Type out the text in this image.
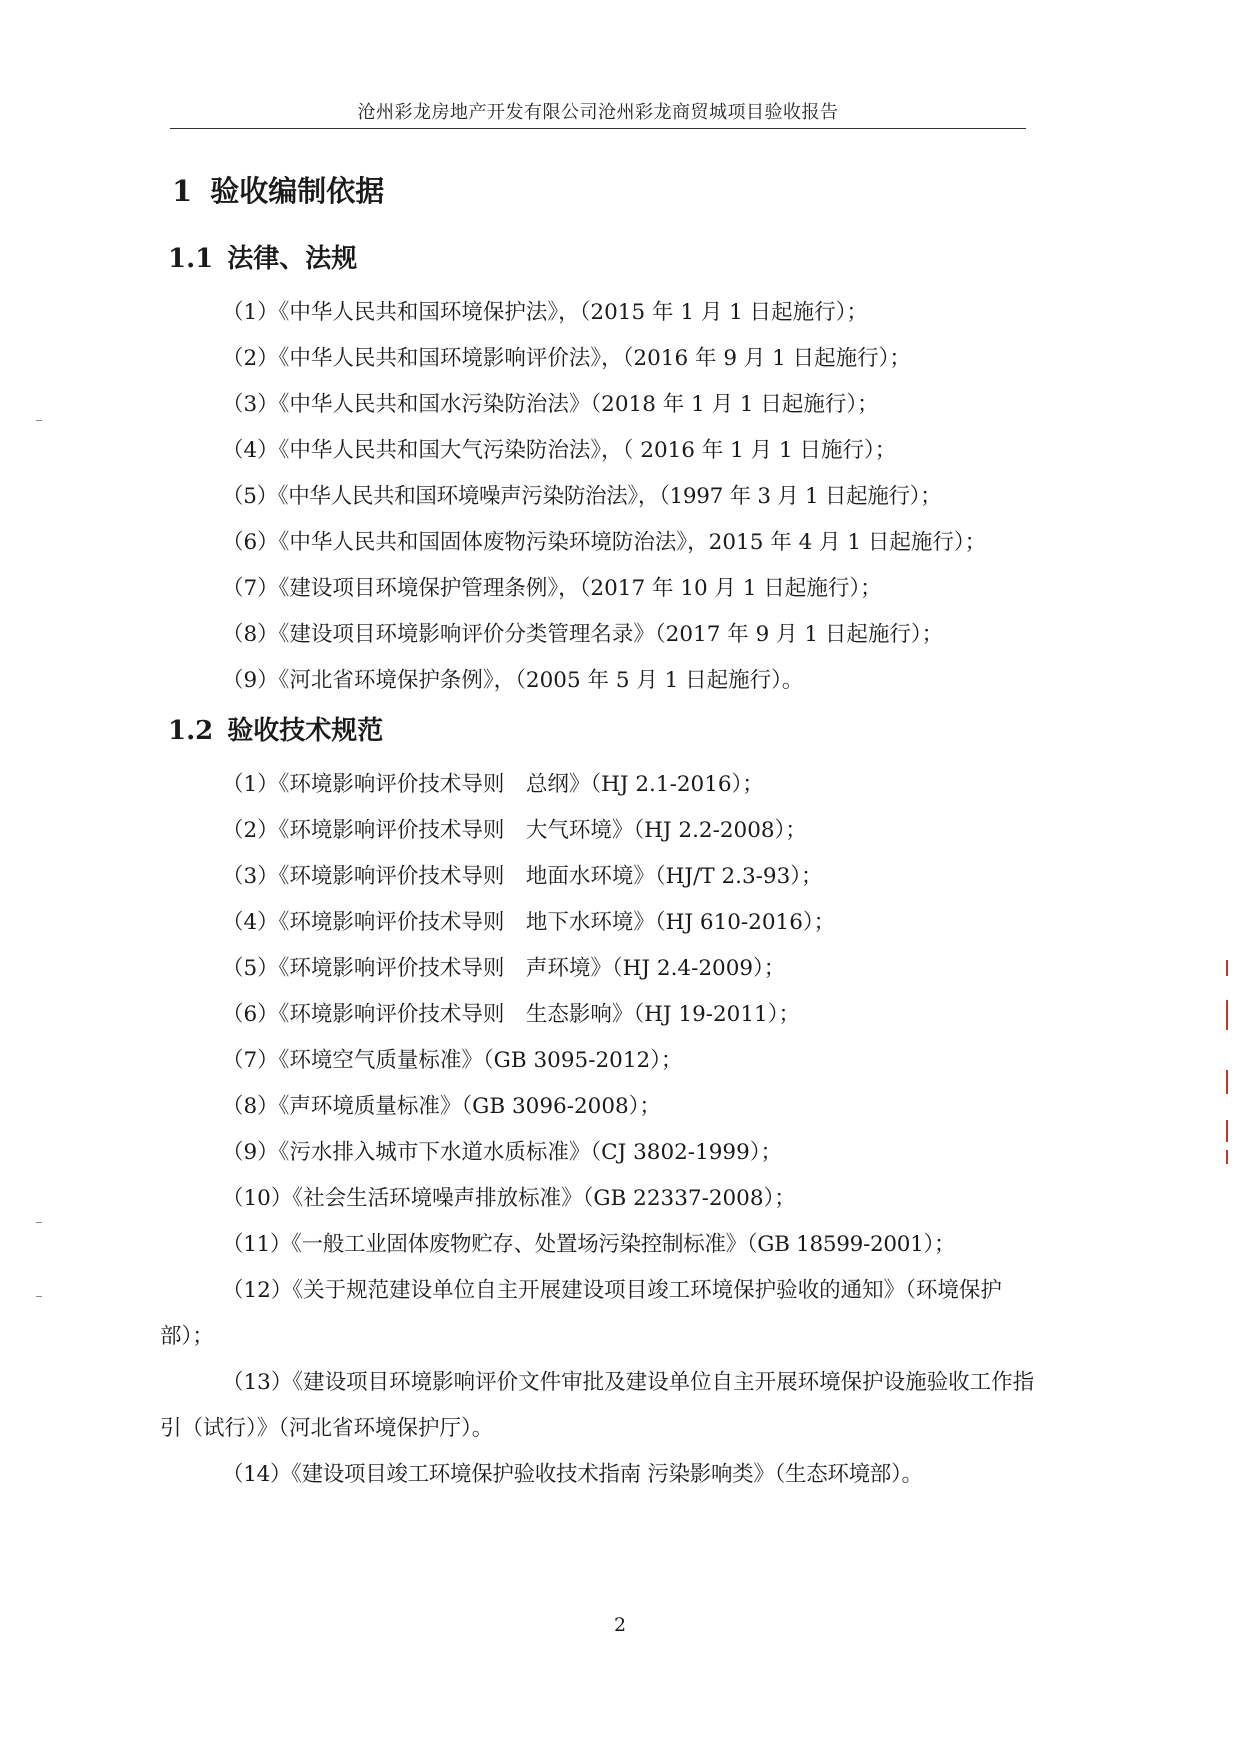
沧州彩龙房地产开发有限公司沧州彩龙商贸城项目验收报告
1 验收编制依据
1.1 法律、法规

（1）《中华人民共和国环境保护法》，（2015 年 1 月 1 日起施行）；

（2）《中华人民共和国环境影响评价法》，（2016 年 9 月 1 日起施行）；

（3）《中华人民共和国水污染防治法》（2018 年 1 月 1 日起施行）；

（4）《中华人民共和国大气污染防治法》，（ 2016 年 1 月 1 日施行）；

（5）《中华人民共和国环境噪声污染防治法》，（1997 年 3 月 1 日起施行）；

（6）《中华人民共和国固体废物污染环境防治法》，2015 年 4 月 1 日起施行）；

（7）《建设项目环境保护管理条例》，（2017 年 10 月 1 日起施行）；

（8）《建设项目环境影响评价分类管理名录》（2017 年 9 月 1 日起施行）；

（9）《河北省环境保护条例》，（2005 年 5 月 1 日起施行）。

1.2 验收技术规范

（1）《环境影响评价技术导则　总纲》（HJ 2.1-2016）；

（2）《环境影响评价技术导则　大气环境》（HJ 2.2-2008）；

（3）《环境影响评价技术导则　地面水环境》（HJ/T 2.3-93）；

（4）《环境影响评价技术导则　地下水环境》（HJ 610-2016）；

（5）《环境影响评价技术导则　声环境》（HJ 2.4-2009）；

（6）《环境影响评价技术导则　生态影响》（HJ 19-2011）；

（7）《环境空气质量标准》（GB 3095-2012）；

（8）《声环境质量标准》（GB 3096-2008）；

（9）《污水排入城市下水道水质标准》（CJ 3802-1999）；

（10）《社会生活环境噪声排放标准》（GB 22337-2008）；

（11）《一般工业固体废物贮存、处置场污染控制标准》（GB 18599-2001）；

（12）《关于规范建设单位自主开展建设项目竣工环境保护验收的通知》（环境保护部）；

（13）《建设项目环境影响评价文件审批及建设单位自主开展环境保护设施验收工作指引（试行）》（河北省环境保护厅）。

（14）《建设项目竣工环境保护验收技术指南 污染影响类》（生态环境部）。

2
